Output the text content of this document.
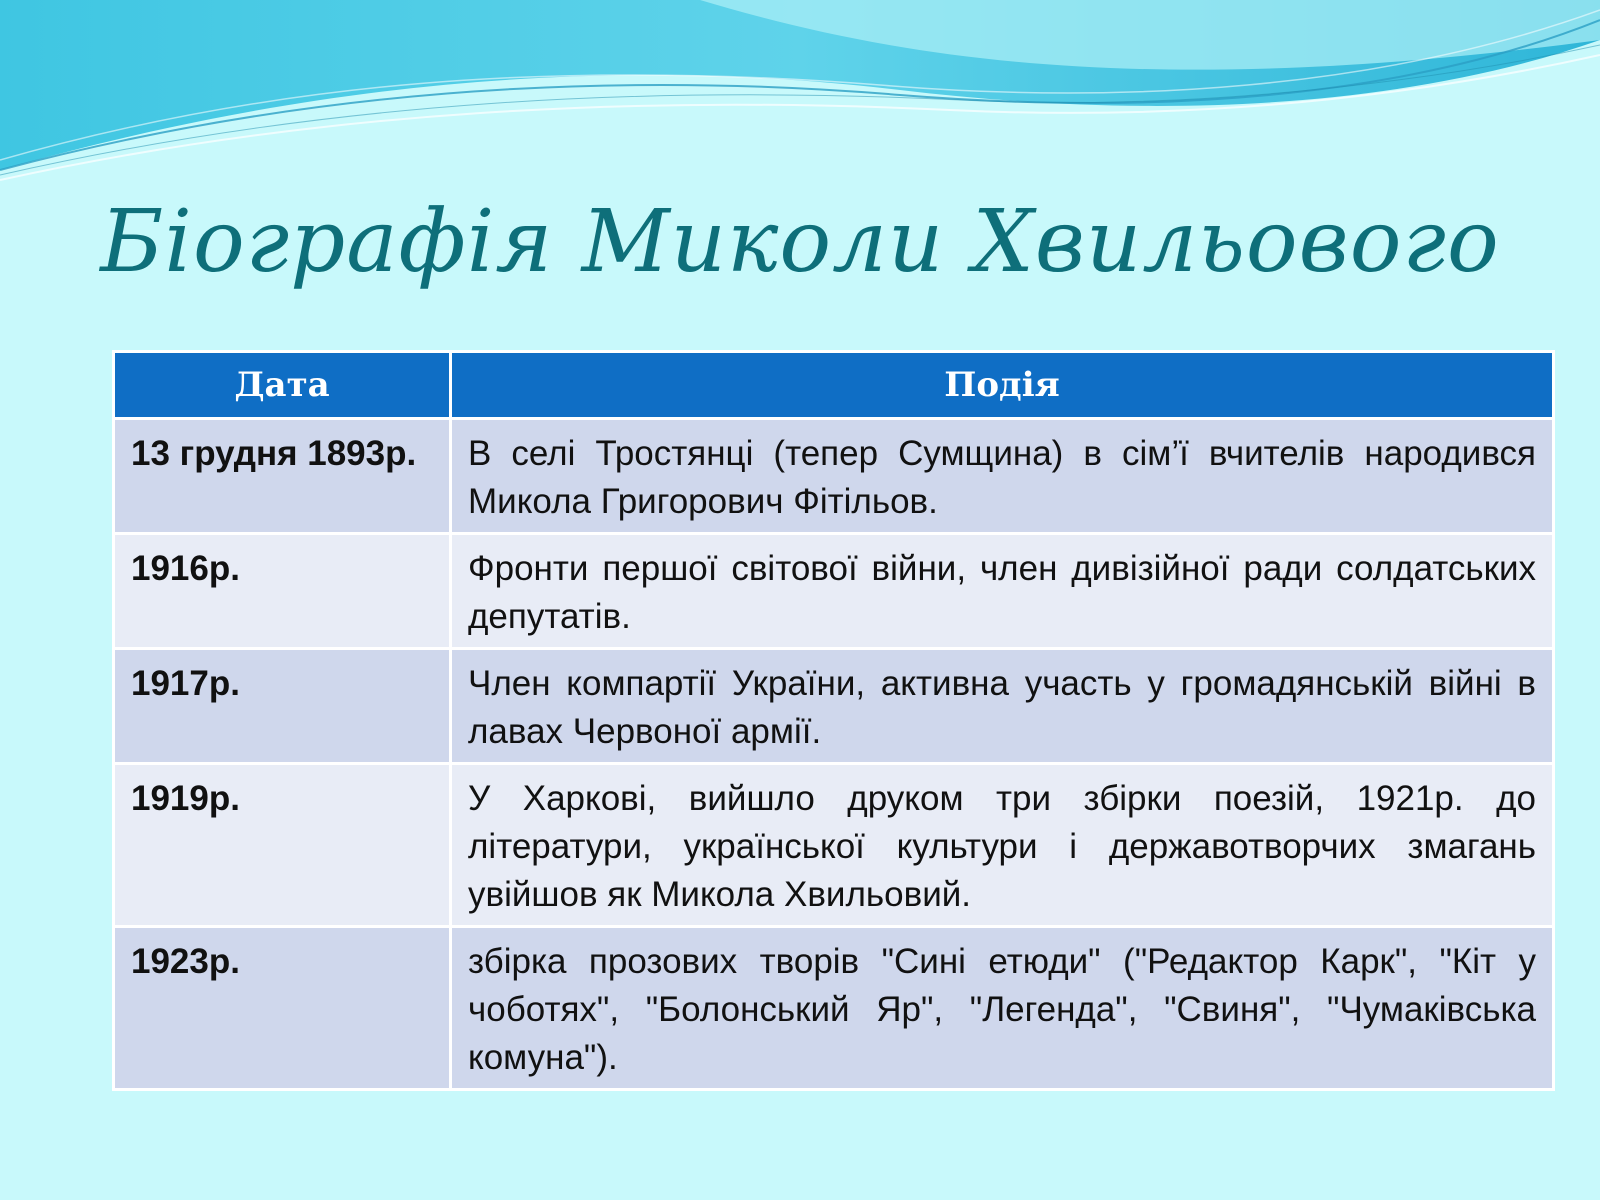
Біографія Миколи Хвильового
Дата	Подія
13 грудня 1893р.	В селі Тростянці (тепер Сумщина) в сім’ї вчителів народився Микола Григорович Фітільов.
1916р.	Фронти першої світової війни, член дивізійної ради солдатських депутатів.
1917р.	Член компартії України, активна участь у громадянській війні в лавах Червоної армії.
1919р.	У Харкові, вийшло друком три збірки поезій, 1921р. до літератури, української культури і державотворчих змагань увійшов як Микола Хвильовий.
1923р.	збірка прозових творів "Сині етюди" ("Редактор Карк", "Кіт у чоботях", "Болонський Яр", "Легенда", "Свиня", "Чумаківська комуна").
